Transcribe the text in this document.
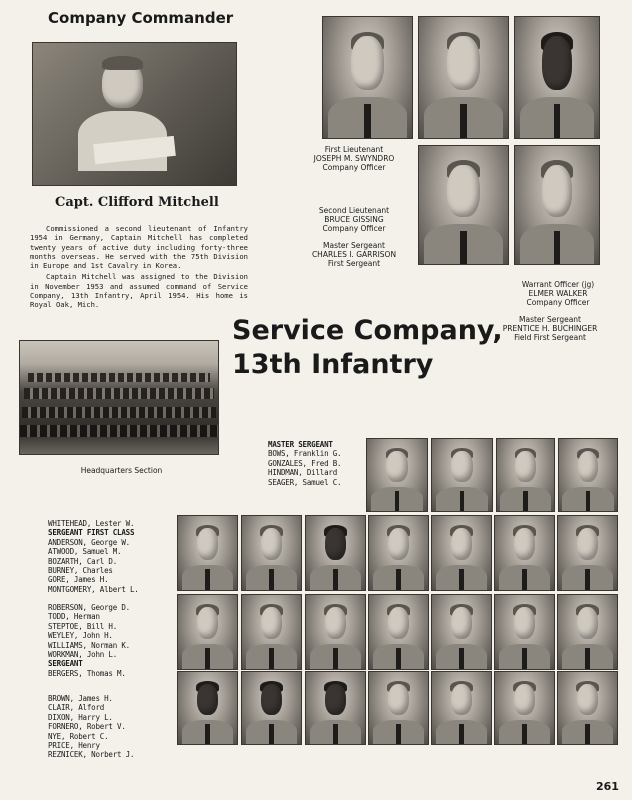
Company Commander
Capt. Clifford Mitchell
Commissioned a second lieutenant of Infantry 1954 in Germany, Captain Mitchell has completed twenty years of active duty including forty-three months overseas. He served with the 75th Division in Europe and 1st Cavalry in Korea.
Captain Mitchell was assigned to the Division in November 1953 and assumed command of Service Company, 13th Infantry, April 1954. His home is Royal Oak, Mich.
First Lieutenant
JOSEPH M. SWYNDRO
Company Officer
Second Lieutenant
BRUCE GISSING
Company Officer
Master Sergeant
CHARLES I. GARRISON
First Sergeant
Warrant Officer (jg)
ELMER WALKER
Company Officer
Master Sergeant
PRENTICE H. BUCHINGER
Field First Sergeant
Service Company,
13th Infantry
Headquarters Section
MASTER SERGEANT
BOWS, Franklin G.
GONZALES, Fred B.
HINDMAN, Dillard
SEAGER, Samuel C.
WHITEHEAD, Lester W.
SERGEANT FIRST CLASS
ANDERSON, George W.
ATWOOD, Samuel M.
BOZARTH, Carl D.
BURNEY, Charles
GORE, James H.
MONTGOMERY, Albert L.
ROBERSON, George D.
TODD, Herman
STEPTOE, Bill H.
WEYLEY, John H.
WILLIAMS, Norman K.
WORKMAN, John L.
SERGEANT
BERGERS, Thomas M.
BROWN, James H.
CLAIR, Alford
DIXON, Harry L.
FORNERO, Robert V.
NYE, Robert C.
PRICE, Henry
REZNICEK, Norbert J.
261
